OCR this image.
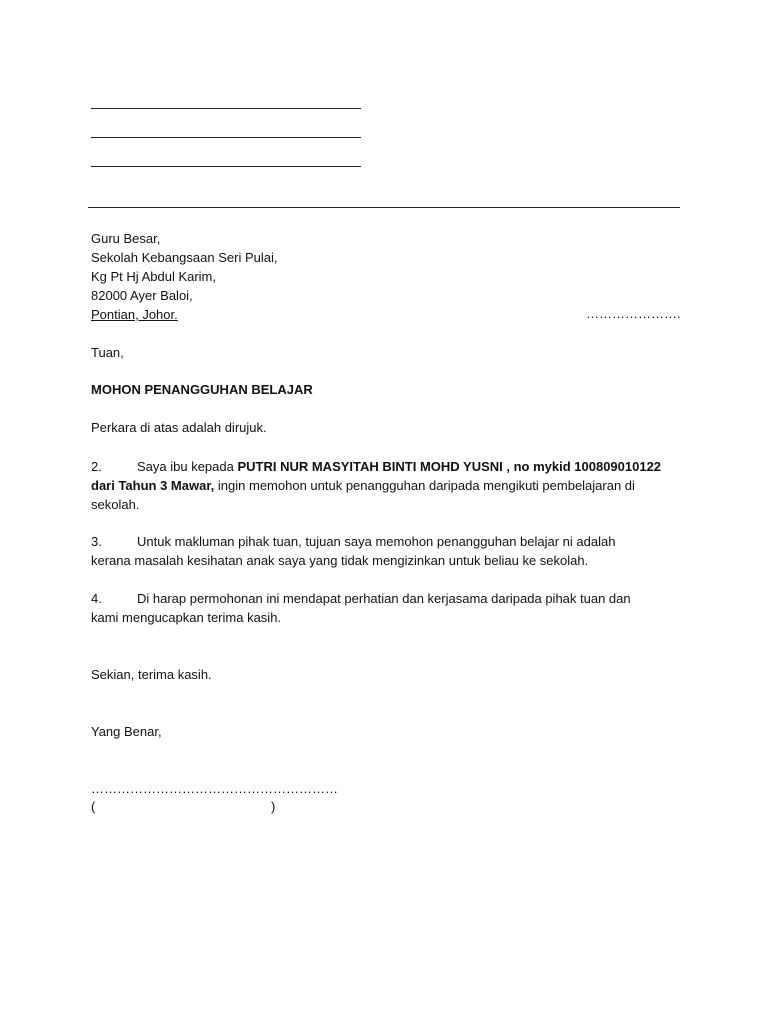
Guru Besar,
Sekolah Kebangsaan Seri Pulai,
Kg Pt Hj Abdul Karim,
82000 Ayer Baloi,
Pontian, Johor.	………………….
Tuan,
MOHON PENANGGUHAN BELAJAR
Perkara di atas adalah dirujuk.
2.	Saya ibu kepada PUTRI NUR MASYITAH BINTI MOHD YUSNI , no mykid 100809010122
dari Tahun 3 Mawar, ingin memohon untuk penangguhan daripada mengikuti pembelajaran di
sekolah.
3.	Untuk makluman pihak tuan, tujuan saya memohon penangguhan belajar ni adalah
kerana masalah kesihatan anak saya yang tidak mengizinkan untuk beliau ke sekolah.
4.	Di harap permohonan ini mendapat perhatian dan kerjasama daripada pihak tuan dan
kami mengucapkan terima kasih.
Sekian, terima kasih.
Yang Benar,
…………………………………………………
(	)
